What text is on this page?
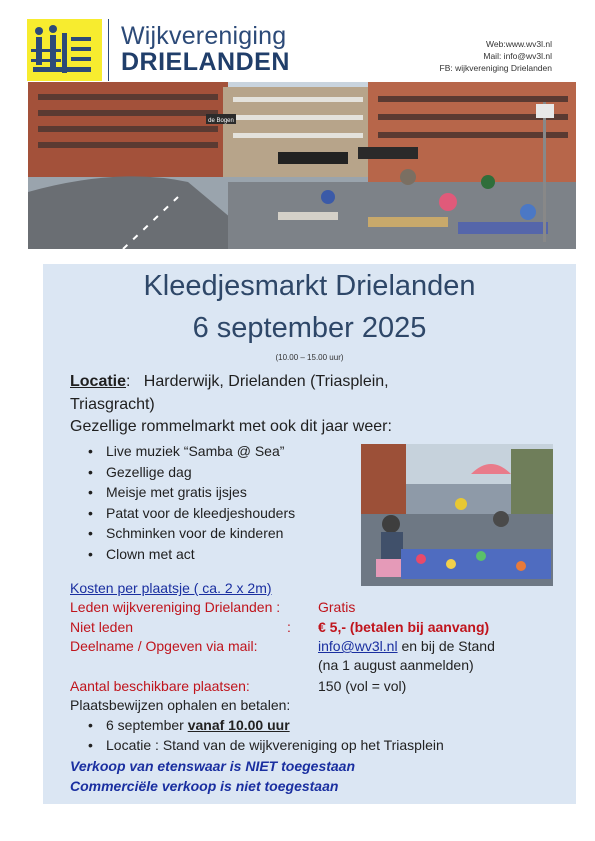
Wijkvereniging
DRIELANDEN
Web:www.wv3l.nl
Mail: info@wv3l.nl
FB: wijkvereniging Drielanden
de Bogen
Kleedjesmarkt Drielanden
6 september 2025
(10.00 – 15.00 uur)
Locatie:   Harderwijk, Drielanden (Triasplein, Triasgracht)
Gezellige rommelmarkt met ook dit jaar weer:
• Live muziek “Samba @ Sea”
• Gezellige dag
• Meisje met gratis ijsjes
• Patat voor de kleedjeshouders
• Schminken voor de kinderen
• Clown met act
Kosten per plaatsje ( ca. 2 x 2m)
Leden wijkvereniging Drielanden :	Gratis
Niet leden	: € 5,- (betalen bij aanvang)
Deelname / Opgeven via mail:	info@wv3l.nl en bij de Stand
(na 1 august aanmelden)
Aantal beschikbare plaatsen:	150 (vol = vol)
Plaatsbewijzen ophalen en betalen:
• 6 september vanaf 10.00 uur
• Locatie : Stand van de wijkvereniging op het Triasplein
Verkoop van etenswaar is NIET toegestaan
Commerciële verkoop is niet toegestaan
